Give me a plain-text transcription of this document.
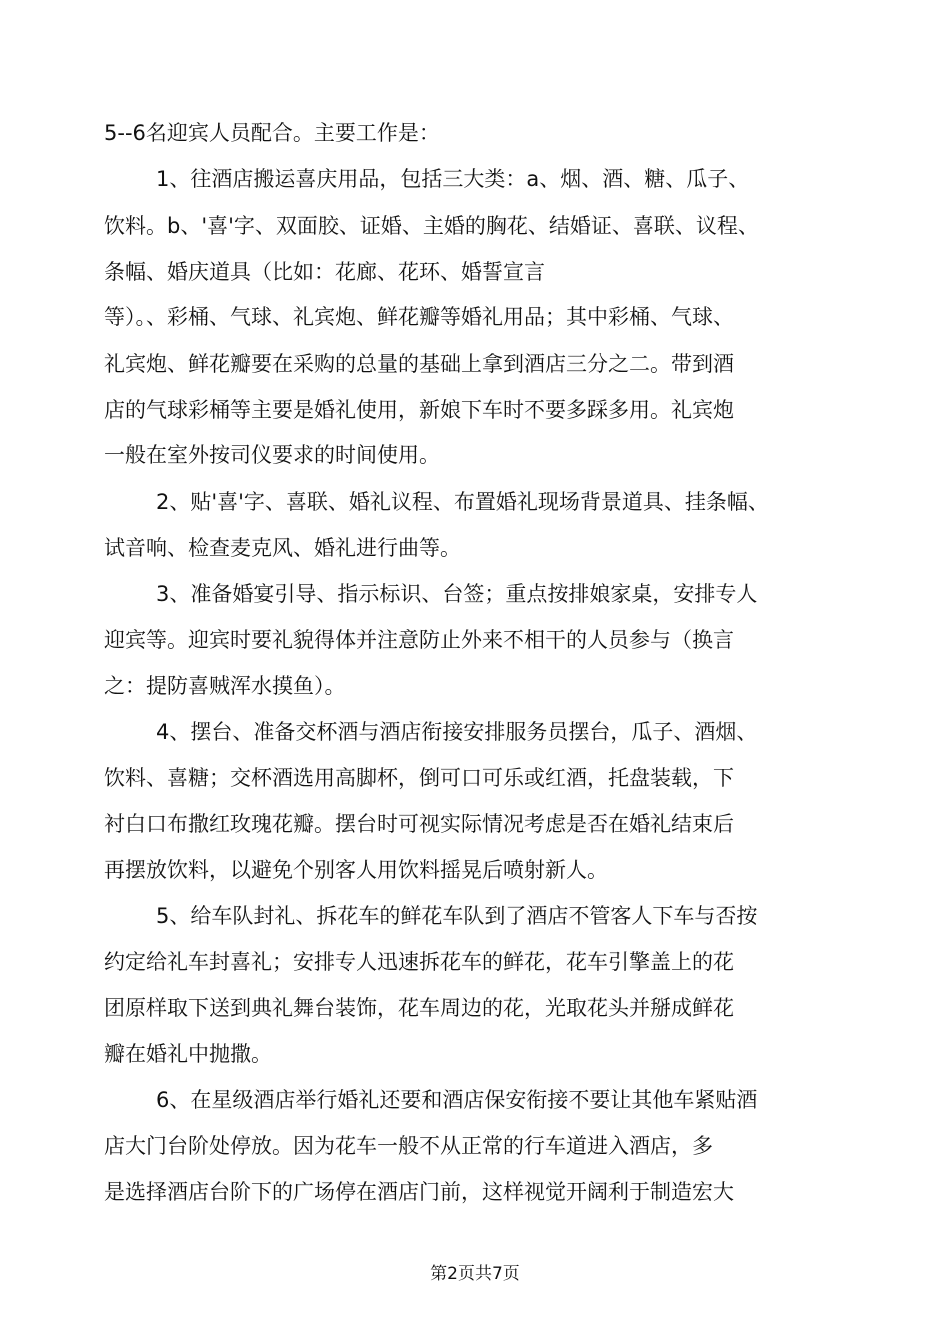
5--6名迎宾人员配合。主要工作是：
1、往酒店搬运喜庆用品，包括三大类：a、烟、酒、糖、瓜子、
饮料。b、'喜'字、双面胶、证婚、主婚的胸花、结婚证、喜联、议程、
条幅、婚庆道具（比如：花廊、花环、婚誓宣言
等）。、彩桶、气球、礼宾炮、鲜花瓣等婚礼用品；其中彩桶、气球、
礼宾炮、鲜花瓣要在采购的总量的基础上拿到酒店三分之二。带到酒
店的气球彩桶等主要是婚礼使用，新娘下车时不要多踩多用。礼宾炮
一般在室外按司仪要求的时间使用。
2、贴'喜'字、喜联、婚礼议程、布置婚礼现场背景道具、挂条幅、
试音响、检查麦克风、婚礼进行曲等。
3、准备婚宴引导、指示标识、台签；重点按排娘家桌，安排专人
迎宾等。迎宾时要礼貌得体并注意防止外来不相干的人员参与（换言
之：提防喜贼浑水摸鱼）。
4、摆台、准备交杯酒与酒店衔接安排服务员摆台，瓜子、酒烟、
饮料、喜糖；交杯酒选用高脚杯，倒可口可乐或红酒，托盘装载，下
衬白口布撒红玫瑰花瓣。摆台时可视实际情况考虑是否在婚礼结束后
再摆放饮料，以避免个别客人用饮料摇晃后喷射新人。
5、给车队封礼、拆花车的鲜花车队到了酒店不管客人下车与否按
约定给礼车封喜礼；安排专人迅速拆花车的鲜花，花车引擎盖上的花
团原样取下送到典礼舞台装饰，花车周边的花，光取花头并掰成鲜花
瓣在婚礼中抛撒。
6、在星级酒店举行婚礼还要和酒店保安衔接不要让其他车紧贴酒
店大门台阶处停放。因为花车一般不从正常的行车道进入酒店，多
是选择酒店台阶下的广场停在酒店门前，这样视觉开阔利于制造宏大
第2页共7页
